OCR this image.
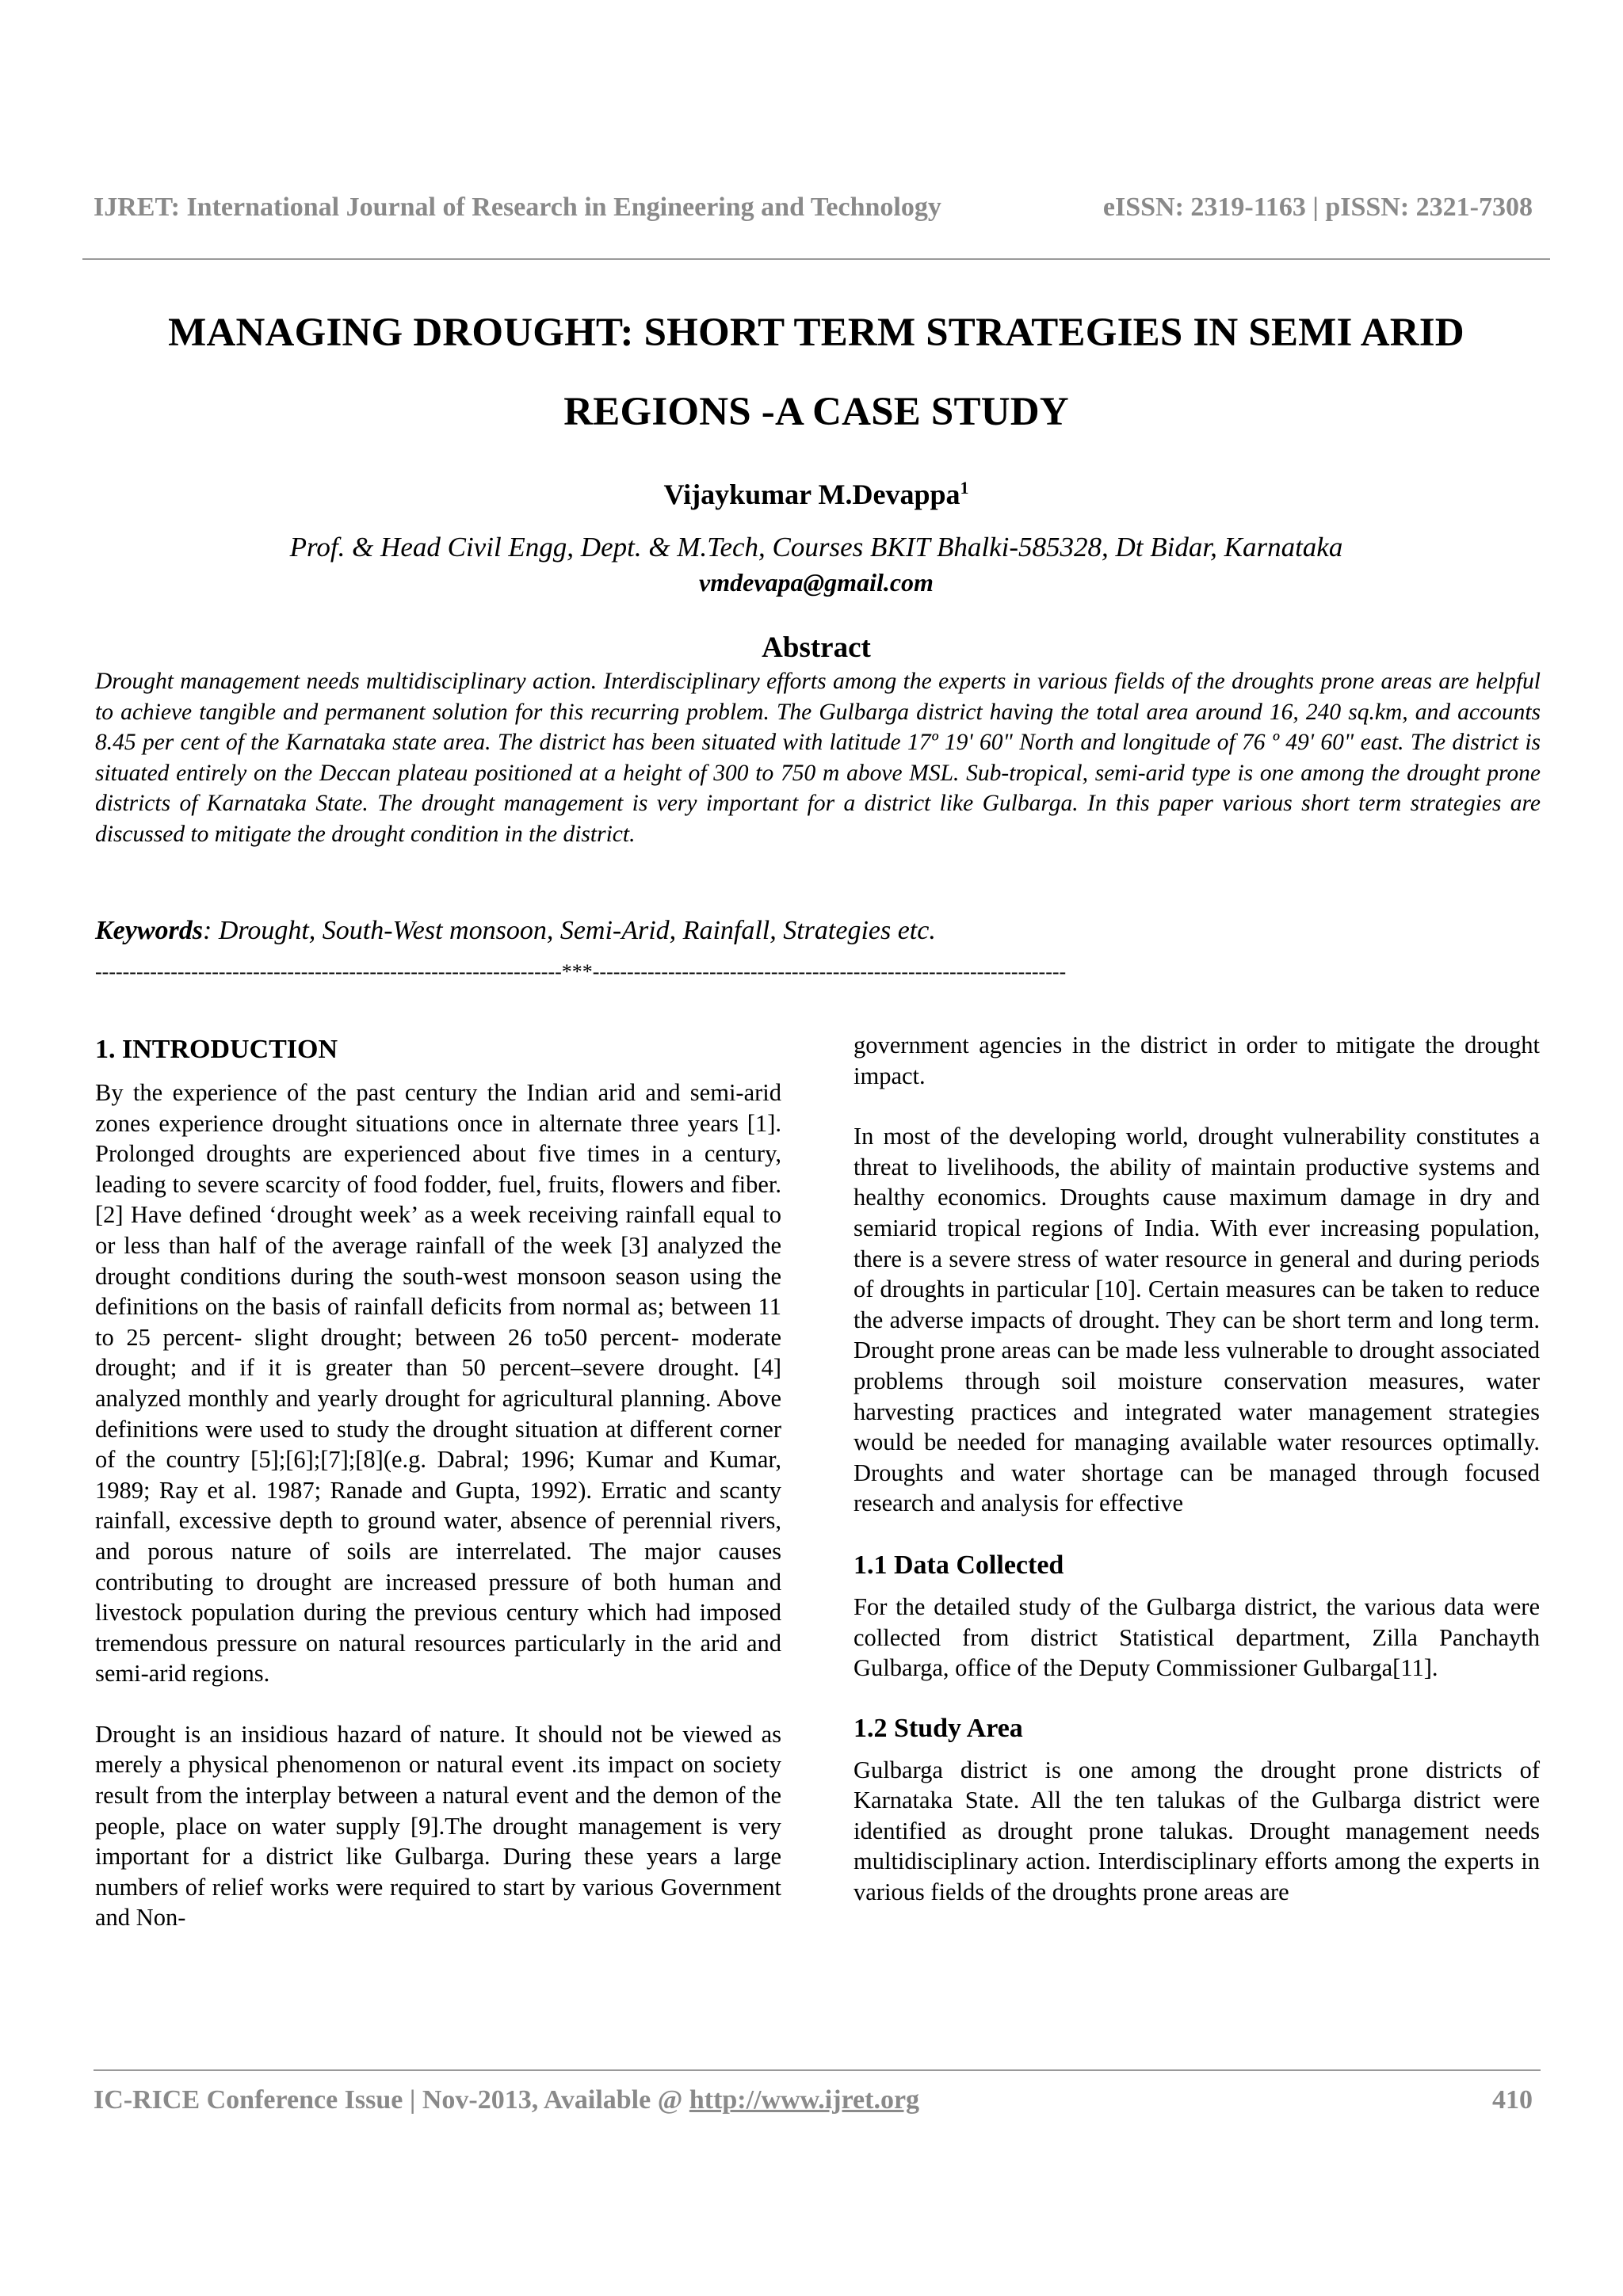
IJRET: International Journal of Research in Engineering and Technology	eISSN: 2319-1163 | pISSN: 2321-7308
MANAGING DROUGHT: SHORT TERM STRATEGIES IN SEMI ARID
REGIONS -A CASE STUDY
Vijaykumar M.Devappa$^1$
Prof. & Head Civil Engg, Dept. & M.Tech, Courses BKIT Bhalki-585328, Dt Bidar, Karnataka
vmdevapa@gmail.com
Abstract
Drought management needs multidisciplinary action. Interdisciplinary efforts among the experts in various fields of the droughts prone areas are helpful to achieve tangible and permanent solution for this recurring problem. The Gulbarga district having the total area around 16, 240 sq.km, and accounts 8.45 per cent of the Karnataka state area. The district has been situated with latitude 17º 19' 60" North and longitude of 76 º 49' 60" east. The district is situated entirely on the Deccan plateau positioned at a height of 300 to 750 m above MSL. Sub-tropical, semi-arid type is one among the drought prone districts of Karnataka State. The drought management is very important for a district like Gulbarga. In this paper various short term strategies are discussed to mitigate the drought condition in the district.
Keywords: Drought, South-West monsoon, Semi-Arid, Rainfall, Strategies etc.
--------------------------------------------------------------------***---------------------------------------------------------------------
1. INTRODUCTION

By the experience of the past century the Indian arid and semi-arid zones experience drought situations once in alternate three years [1]. Prolonged droughts are experienced about five times in a century, leading to severe scarcity of food fodder, fuel, fruits, flowers and fiber. [2] Have defined ‘drought week’ as a week receiving rainfall equal to or less than half of the average rainfall of the week [3] analyzed the drought conditions during the south-west monsoon season using the definitions on the basis of rainfall deficits from normal as; between 11 to 25 percent- slight drought; between 26 to50 percent- moderate drought; and if it is greater than 50 percent–severe drought. [4] analyzed monthly and yearly drought for agricultural planning. Above definitions were used to study the drought situation at different corner of the country [5];[6];[7];[8](e.g. Dabral; 1996; Kumar and Kumar, 1989; Ray et al. 1987; Ranade and Gupta, 1992). Erratic and scanty rainfall, excessive depth to ground water, absence of perennial rivers, and porous nature of soils are interrelated. The major causes contributing to drought are increased pressure of both human and livestock population during the previous century which had imposed tremendous pressure on natural resources particularly in the arid and semi-arid regions.

Drought is an insidious hazard of nature. It should not be viewed as merely a physical phenomenon or natural event .its impact on society result from the interplay between a natural event and the demon of the people, place on water supply [9].The drought management is very important for a district like Gulbarga. During these years a large numbers of relief works were required to start by various Government and Non-

government agencies in the district in order to mitigate the drought impact.

In most of the developing world, drought vulnerability constitutes a threat to livelihoods, the ability of maintain productive systems and healthy economics. Droughts cause maximum damage in dry and semiarid tropical regions of India. With ever increasing population, there is a severe stress of water resource in general and during periods of droughts in particular [10]. Certain measures can be taken to reduce the adverse impacts of drought. They can be short term and long term. Drought prone areas can be made less vulnerable to drought associated problems through soil moisture conservation measures, water harvesting practices and integrated water management strategies would be needed for managing available water resources optimally. Droughts and water shortage can be managed through focused research and analysis for effective

1.1 Data Collected

For the detailed study of the Gulbarga district, the various data were collected from district Statistical department, Zilla Panchayth Gulbarga, office of the Deputy Commissioner Gulbarga[11].

1.2 Study Area

Gulbarga district is one among the drought prone districts of Karnataka State. All the ten talukas of the Gulbarga district were identified as drought prone talukas. Drought management needs multidisciplinary action. Interdisciplinary efforts among the experts in various fields of the droughts prone areas are

IC-RICE Conference Issue | Nov-2013, Available @ http://www.ijret.org	410
